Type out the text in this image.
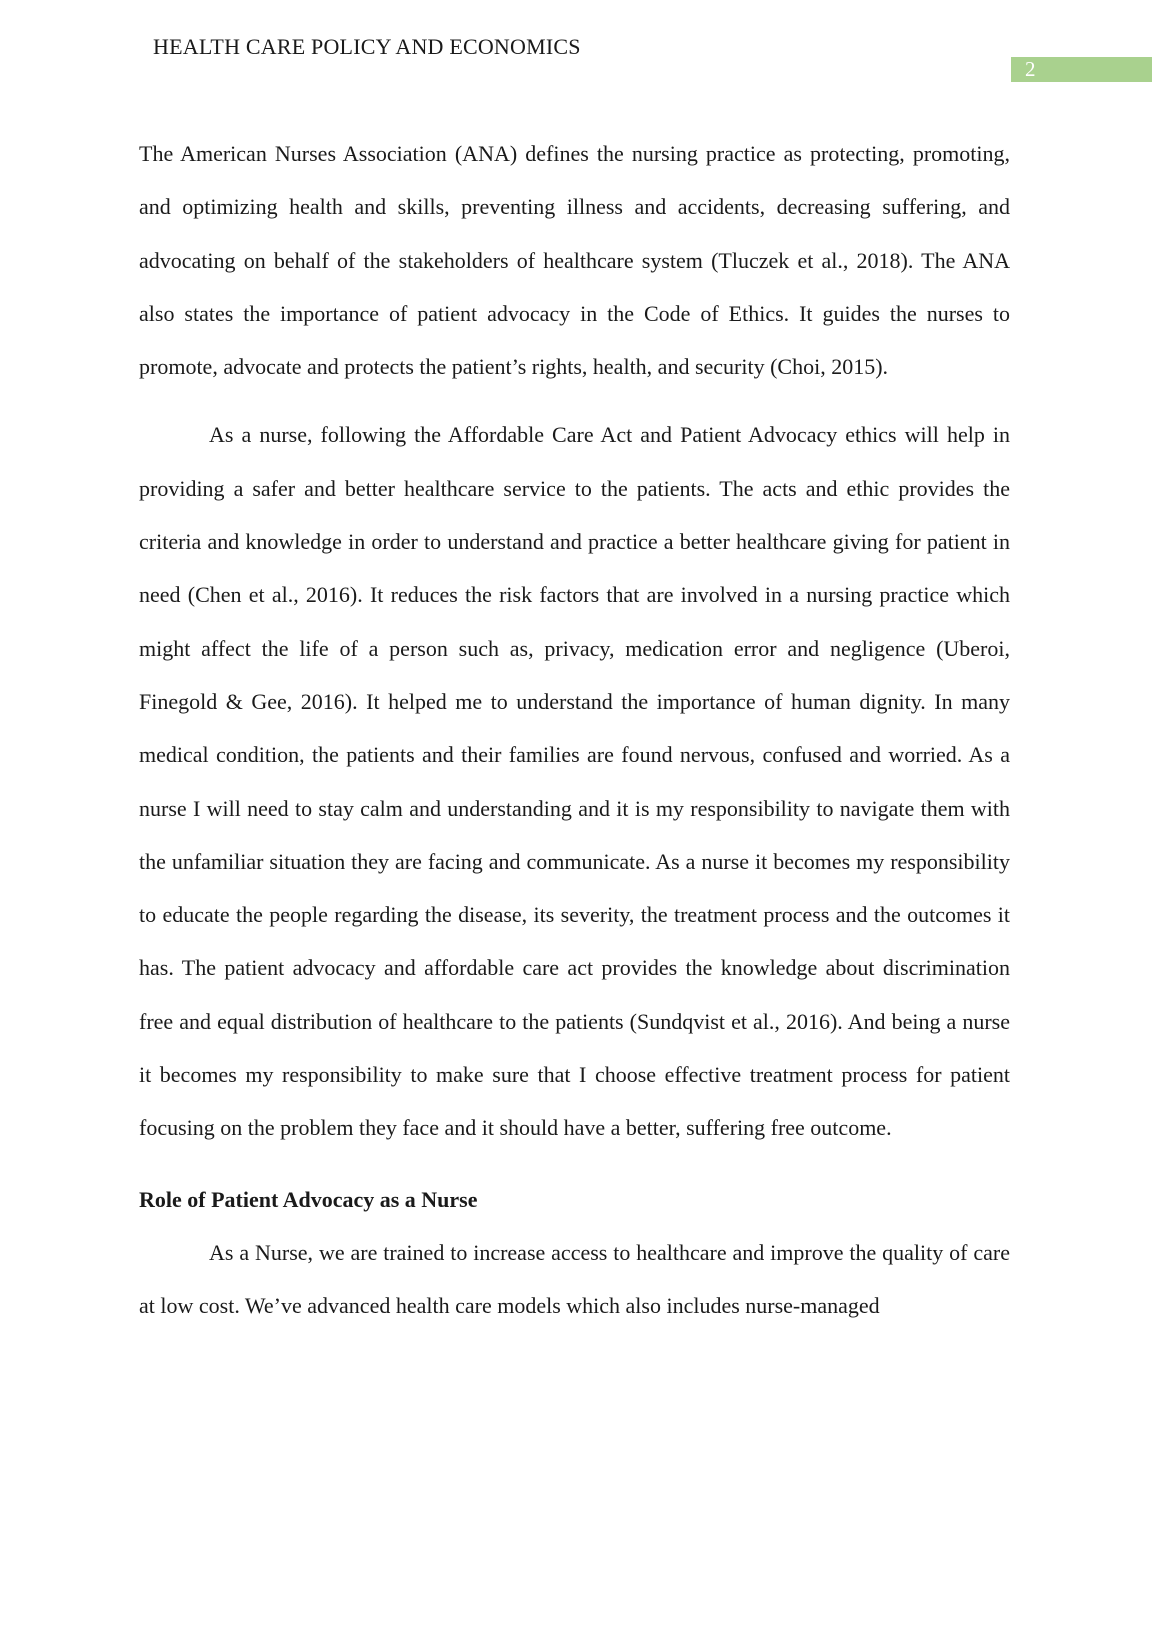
HEALTH CARE POLICY AND ECONOMICS
2

The American Nurses Association (ANA) defines the nursing practice as protecting, promoting, and optimizing health and skills, preventing illness and accidents, decreasing suffering, and advocating on behalf of the stakeholders of healthcare system (Tluczek et al., 2018). The ANA also states the importance of patient advocacy in the Code of Ethics. It guides the nurses to promote, advocate and protects the patient’s rights, health, and security (Choi, 2015).

As a nurse, following the Affordable Care Act and Patient Advocacy ethics will help in providing a safer and better healthcare service to the patients. The acts and ethic provides the criteria and knowledge in order to understand and practice a better healthcare giving for patient in need (Chen et al., 2016). It reduces the risk factors that are involved in a nursing practice which might affect the life of a person such as, privacy, medication error and negligence (Uberoi, Finegold & Gee, 2016). It helped me to understand the importance of human dignity. In many medical condition, the patients and their families are found nervous, confused and worried. As a nurse I will need to stay calm and understanding and it is my responsibility to navigate them with the unfamiliar situation they are facing and communicate. As a nurse it becomes my responsibility to educate the people regarding the disease, its severity, the treatment process and the outcomes it has. The patient advocacy and affordable care act provides the knowledge about discrimination free and equal distribution of healthcare to the patients (Sundqvist et al., 2016). And being a nurse it becomes my responsibility to make sure that I choose effective treatment process for patient focusing on the problem they face and it should have a better, suffering free outcome.

Role of Patient Advocacy as a Nurse

As a Nurse, we are trained to increase access to healthcare and improve the quality of care at low cost. We’ve advanced health care models which also includes nurse-managed
